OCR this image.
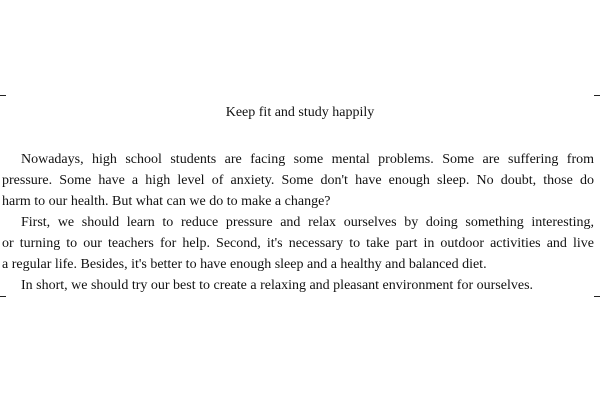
Keep fit and study happily
Nowadays, high school students are facing some mental problems. Some are suffering from
pressure. Some have a high level of anxiety. Some don't have enough sleep. No doubt, those do
harm to our health. But what can we do to make a change?
First, we should learn to reduce pressure and relax ourselves by doing something interesting,
or turning to our teachers for help. Second, it's necessary to take part in outdoor activities and live
a regular life. Besides, it's better to have enough sleep and a healthy and balanced diet.
In short, we should try our best to create a relaxing and pleasant environment for ourselves.
